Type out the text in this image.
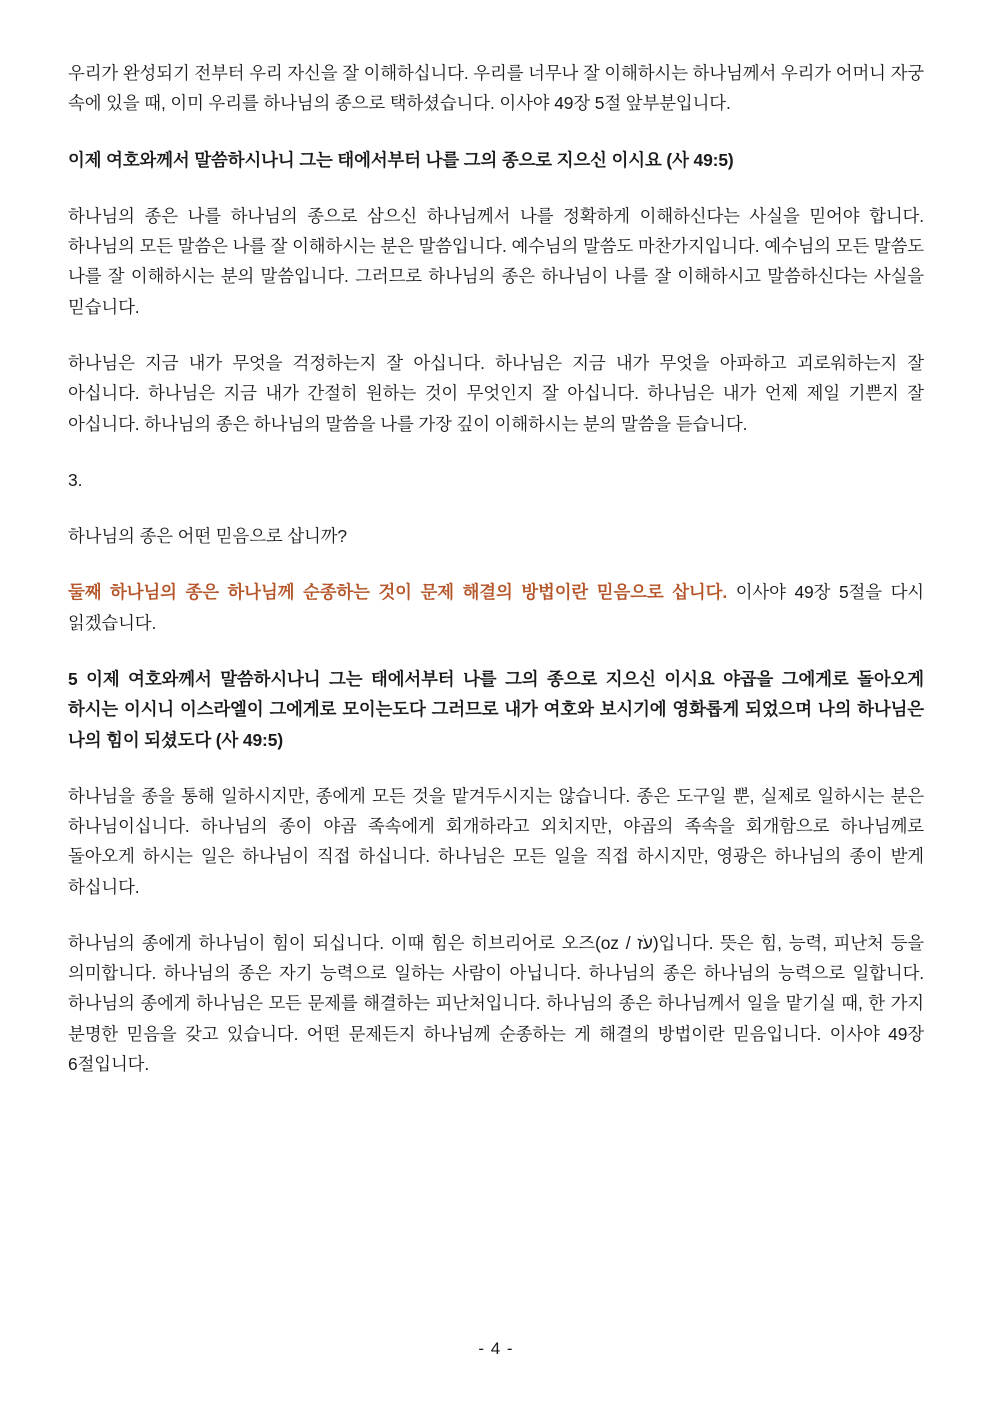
우리가 완성되기 전부터 우리 자신을 잘 이해하십니다. 우리를 너무나 잘 이해하시는 하나님께서 우리가 어머니 자궁 속에 있을 때, 이미 우리를 하나님의 종으로 택하셨습니다. 이사야 49장 5절 앞부분입니다.

이제 여호와께서 말씀하시나니 그는 태에서부터 나를 그의 종으로 지으신 이시요 (사 49:5)

하나님의 종은 나를 하나님의 종으로 삼으신 하나님께서 나를 정확하게 이해하신다는 사실을 믿어야 합니다. 하나님의 모든 말씀은 나를 잘 이해하시는 분은 말씀입니다. 예수님의 말씀도 마찬가지입니다. 예수님의 모든 말씀도 나를 잘 이해하시는 분의 말씀입니다. 그러므로 하나님의 종은 하나님이 나를 잘 이해하시고 말씀하신다는 사실을 믿습니다.

하나님은 지금 내가 무엇을 걱정하는지 잘 아십니다. 하나님은 지금 내가 무엇을 아파하고 괴로워하는지 잘 아십니다. 하나님은 지금 내가 간절히 원하는 것이 무엇인지 잘 아십니다. 하나님은 내가 언제 제일 기쁜지 잘 아십니다. 하나님의 종은 하나님의 말씀을 나를 가장 깊이 이해하시는 분의 말씀을 듣습니다.

3.

하나님의 종은 어떤 믿음으로 삽니까?

둘째 하나님의 종은 하나님께 순종하는 것이 문제 해결의 방법이란 믿음으로 삽니다. 이사야 49장 5절을 다시 읽겠습니다.

5 이제 여호와께서 말씀하시나니 그는 태에서부터 나를 그의 종으로 지으신 이시요 야곱을 그에게로 돌아오게 하시는 이시니 이스라엘이 그에게로 모이는도다 그러므로 내가 여호와 보시기에 영화롭게 되었으며 나의 하나님은 나의 힘이 되셨도다 (사 49:5)

하나님을 종을 통해 일하시지만, 종에게 모든 것을 맡겨두시지는 않습니다. 종은 도구일 뿐, 실제로 일하시는 분은 하나님이십니다. 하나님의 종이 야곱 족속에게 회개하라고 외치지만, 야곱의 족속을 회개함으로 하나님께로 돌아오게 하시는 일은 하나님이 직접 하십니다. 하나님은 모든 일을 직접 하시지만, 영광은 하나님의 종이 받게 하십니다.

하나님의 종에게 하나님이 힘이 되십니다. 이때 힘은 히브리어로 오즈(oz / עֹז)입니다. 뜻은 힘, 능력, 피난처 등을 의미합니다. 하나님의 종은 자기 능력으로 일하는 사람이 아닙니다. 하나님의 종은 하나님의 능력으로 일합니다. 하나님의 종에게 하나님은 모든 문제를 해결하는 피난처입니다. 하나님의 종은 하나님께서 일을 맡기실 때, 한 가지 분명한 믿음을 갖고 있습니다. 어떤 문제든지 하나님께 순종하는 게 해결의 방법이란 믿음입니다. 이사야 49장 6절입니다.

- 4 -
